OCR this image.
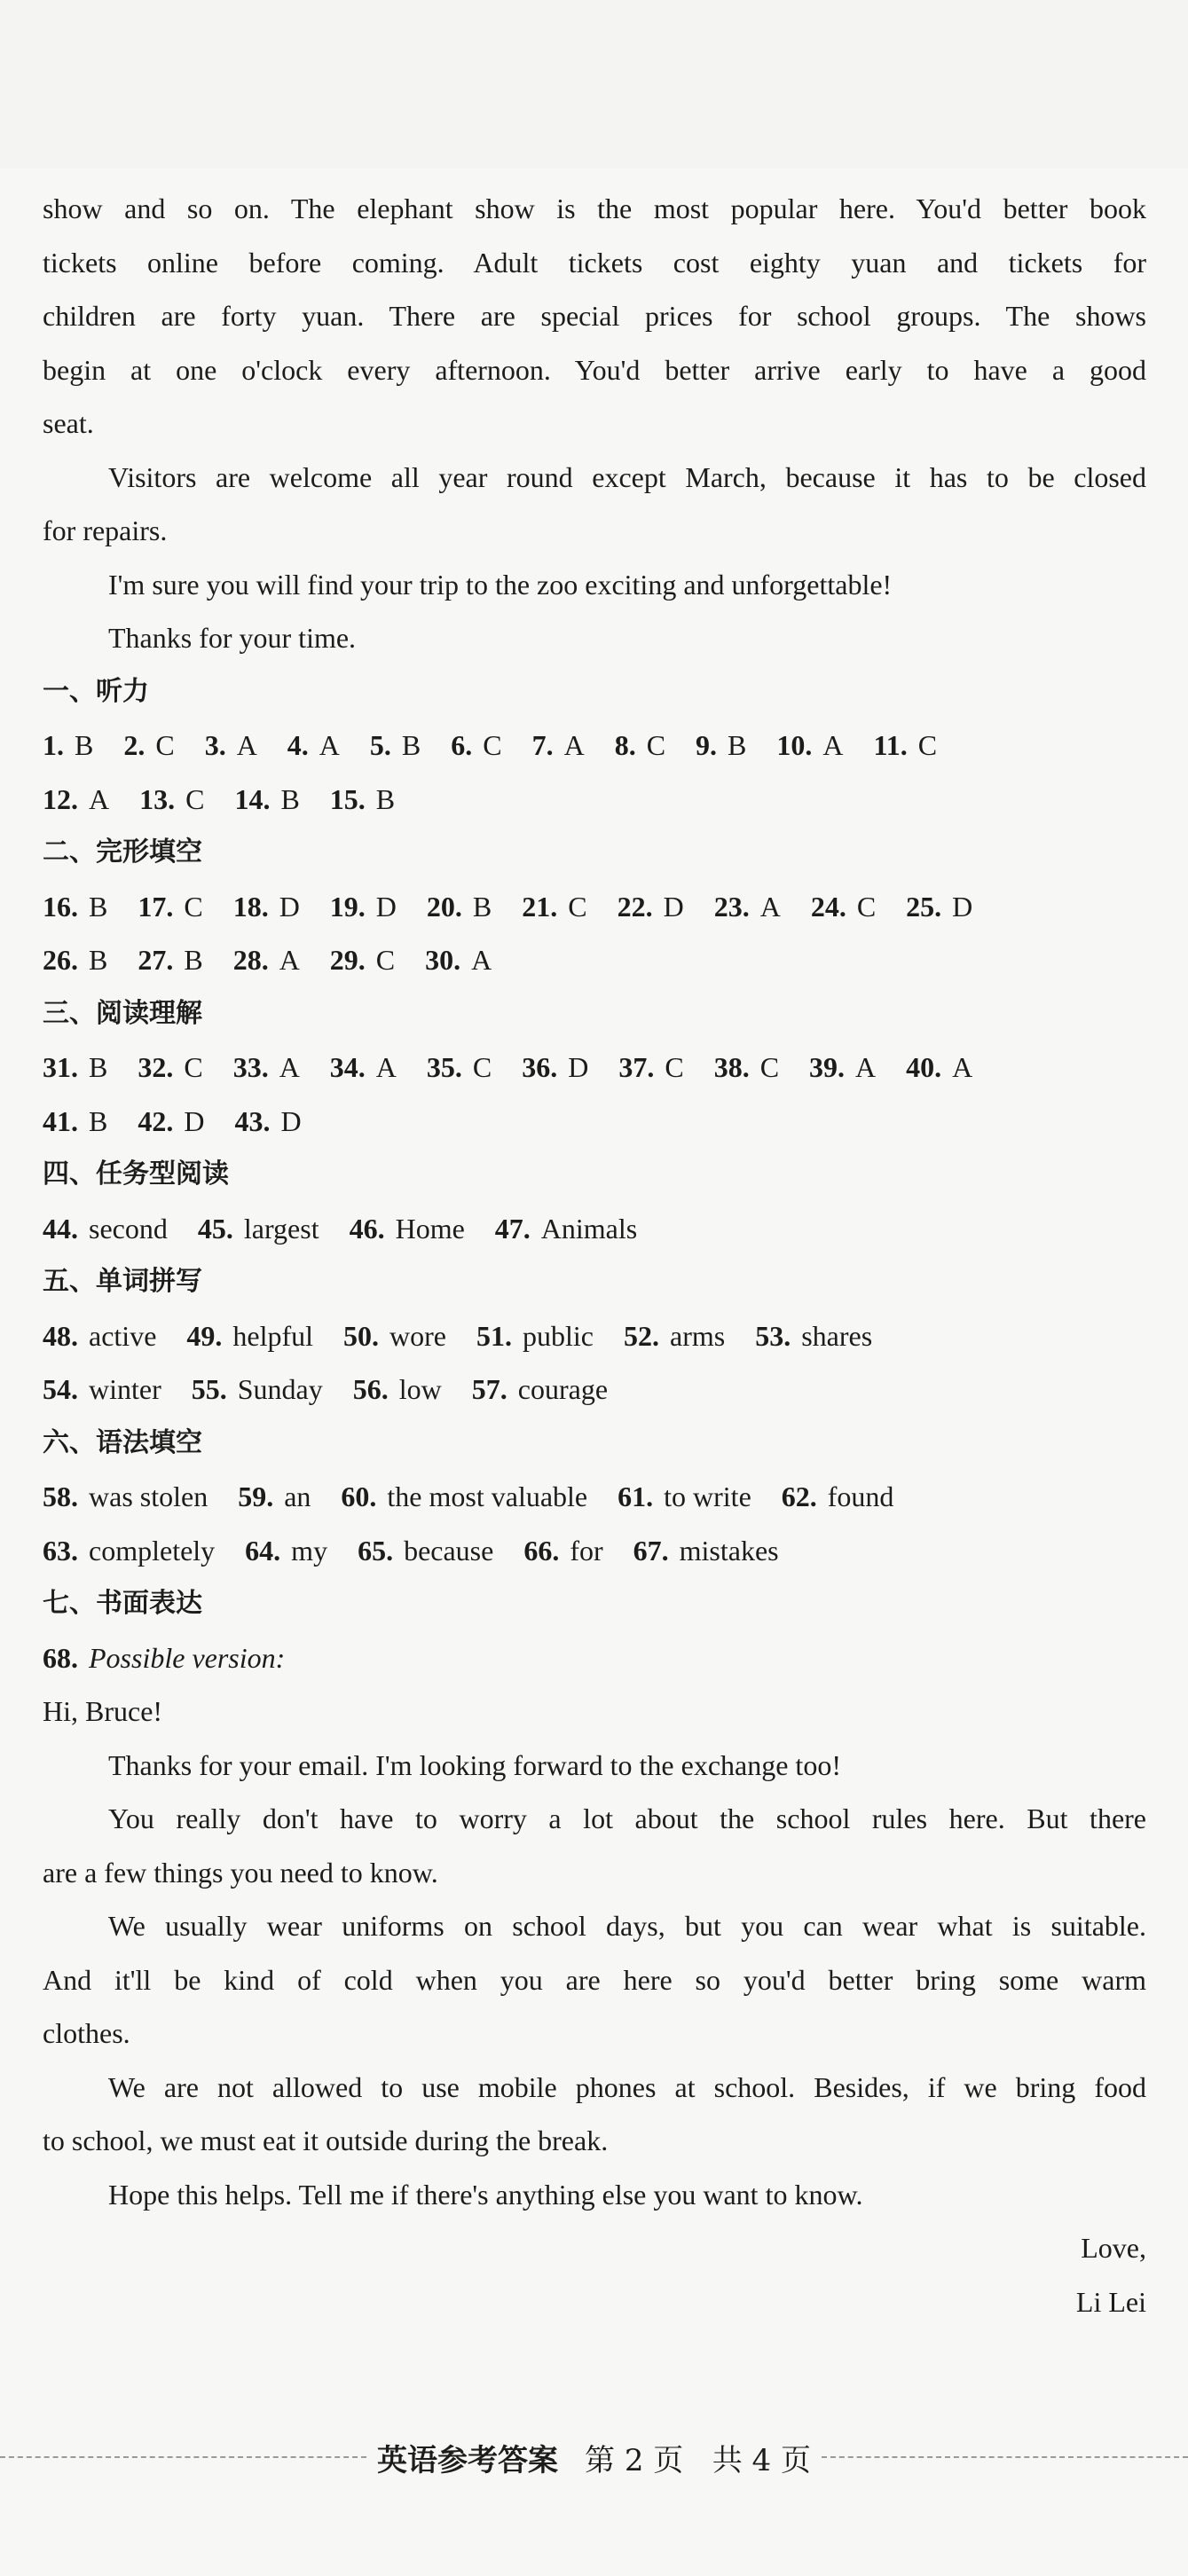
show and so on. The elephant show is the most popular here. You'd better book
tickets online before coming. Adult tickets cost eighty yuan and tickets for
children are forty yuan. There are special prices for school groups. The shows
begin at one o'clock every afternoon. You'd better arrive early to have a good
seat.
Visitors are welcome all year round except March, because it has to be closed
for repairs.
I'm sure you will find your trip to the zoo exciting and unforgettable!
Thanks for your time.
一、听力
1. B 2. C 3. A 4. A 5. B 6. C 7. A 8. C 9. B 10. A 11. C
12. A 13. C 14. B 15. B
二、完形填空
16. B 17. C 18. D 19. D 20. B 21. C 22. D 23. A 24. C 25. D
26. B 27. B 28. A 29. C 30. A
三、阅读理解
31. B 32. C 33. A 34. A 35. C 36. D 37. C 38. C 39. A 40. A
41. B 42. D 43. D
四、任务型阅读
44. second 45. largest 46. Home 47. Animals
五、单词拼写
48. active 49. helpful 50. wore 51. public 52. arms 53. shares
54. winter 55. Sunday 56. low 57. courage
六、语法填空
58. was stolen 59. an 60. the most valuable 61. to write 62. found
63. completely 64. my 65. because 66. for 67. mistakes
七、书面表达
68. Possible version:
Hi, Bruce!
Thanks for your email. I'm looking forward to the exchange too!
You really don't have to worry a lot about the school rules here. But there
are a few things you need to know.
We usually wear uniforms on school days, but you can wear what is suitable.
And it'll be kind of cold when you are here so you'd better bring some warm
clothes.
We are not allowed to use mobile phones at school. Besides, if we bring food
to school, we must eat it outside during the break.
Hope this helps. Tell me if there's anything else you want to know.
Love,
Li Lei
英语参考答案 第 2 页 共 4 页
